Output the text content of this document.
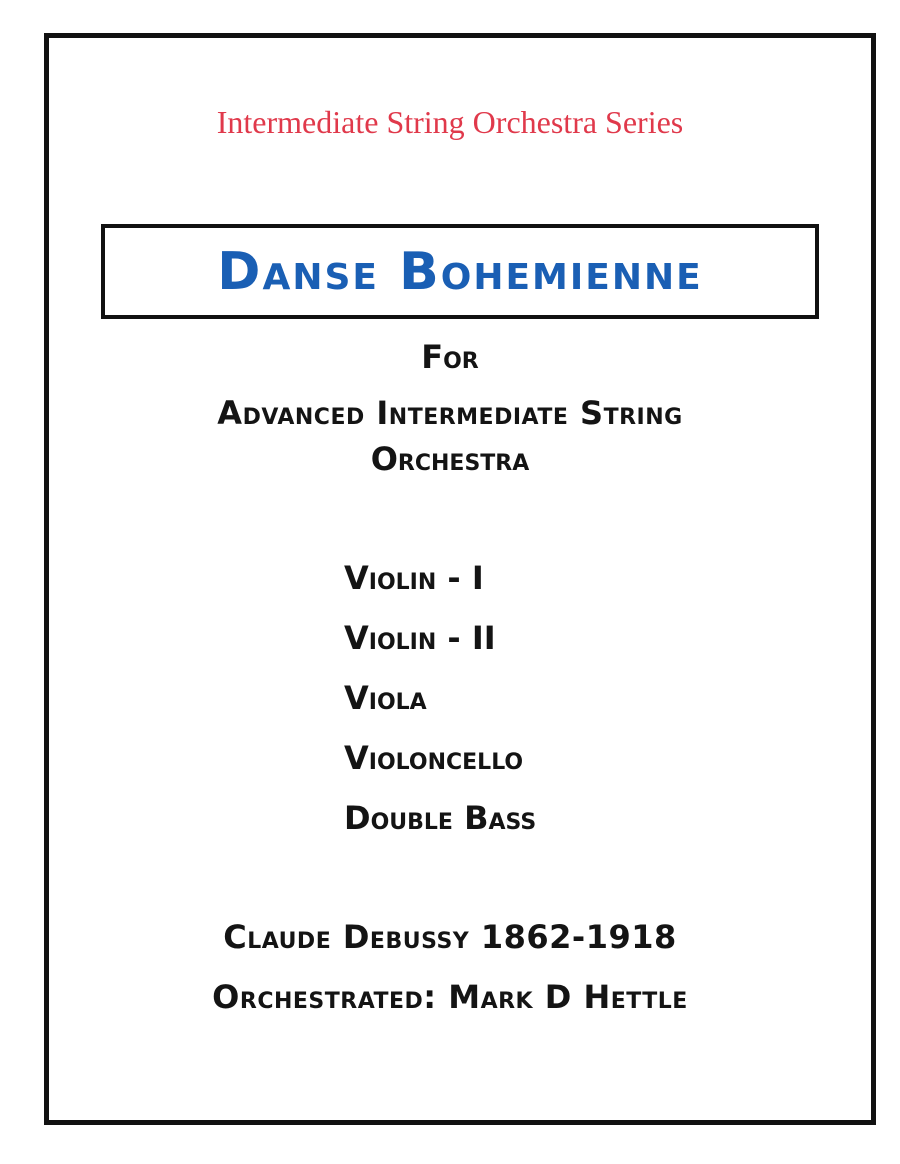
Intermediate String Orchestra Series
Danse Bohemienne
For
Advanced Intermediate String
Orchestra
Violin - I
Violin - II
Viola
Violoncello
Double Bass
Claude Debussy 1862-1918
Orchestrated: Mark D Hettle
